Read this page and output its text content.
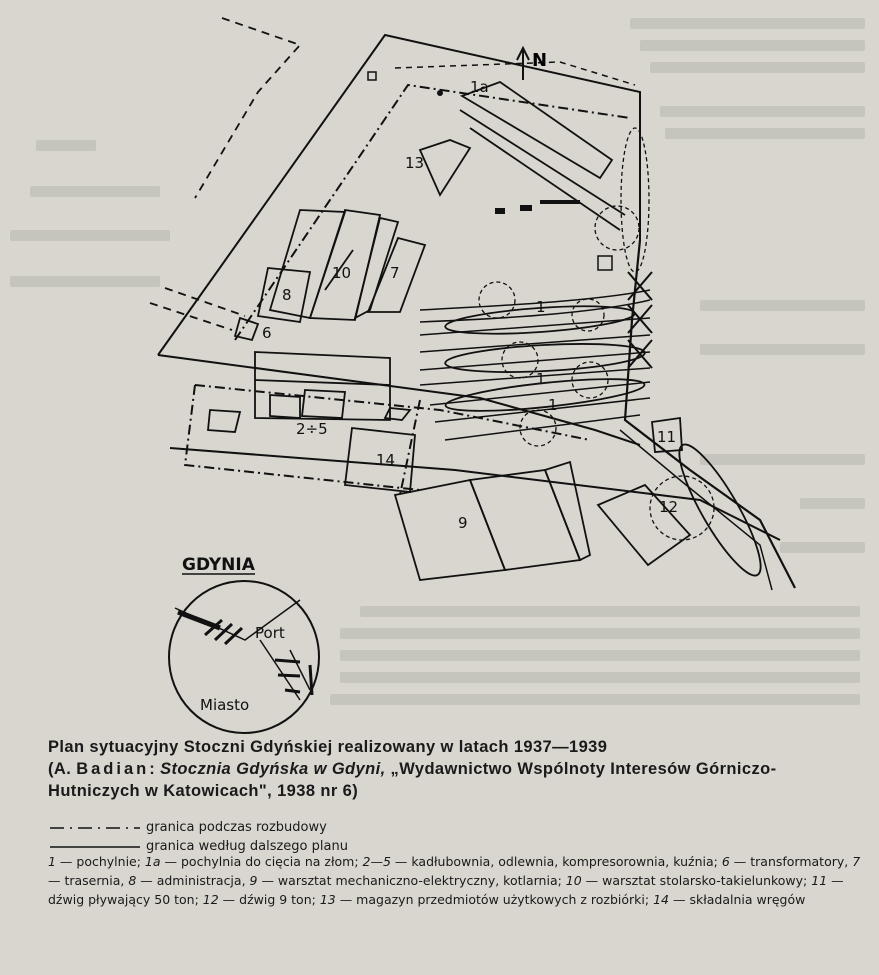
N
1a
13
10	7
8
6
1
1
1
2÷5
14
11
12
9
GDYNIA
Port
Miasto
Plan sytuacyjny Stoczni Gdyńskiej realizowany w latach 1937—1939
(A. Badian: Stocznia Gdyńska w Gdyni, „Wydawnictwo Wspólnoty Interesów Górniczo-Hutniczych w Katowicach", 1938 nr 6)
granica podczas rozbudowy
granica według dalszego planu
1 — pochylnie; 1a — pochylnia do cięcia na złom; 2—5 — kadłubownia, odlewnia, kompresorownia, kuźnia; 6 — transformatory, 7 — trasernia, 8 — administracja, 9 — warsztat mechaniczno-elektryczny, kotlarnia; 10 — warsztat stolarsko-takielunkowy; 11 — dźwig pływający 50 ton; 12 — dźwig 9 ton; 13 — magazyn przedmiotów użytkowych z rozbiórki; 14 — składalnia wręgów
